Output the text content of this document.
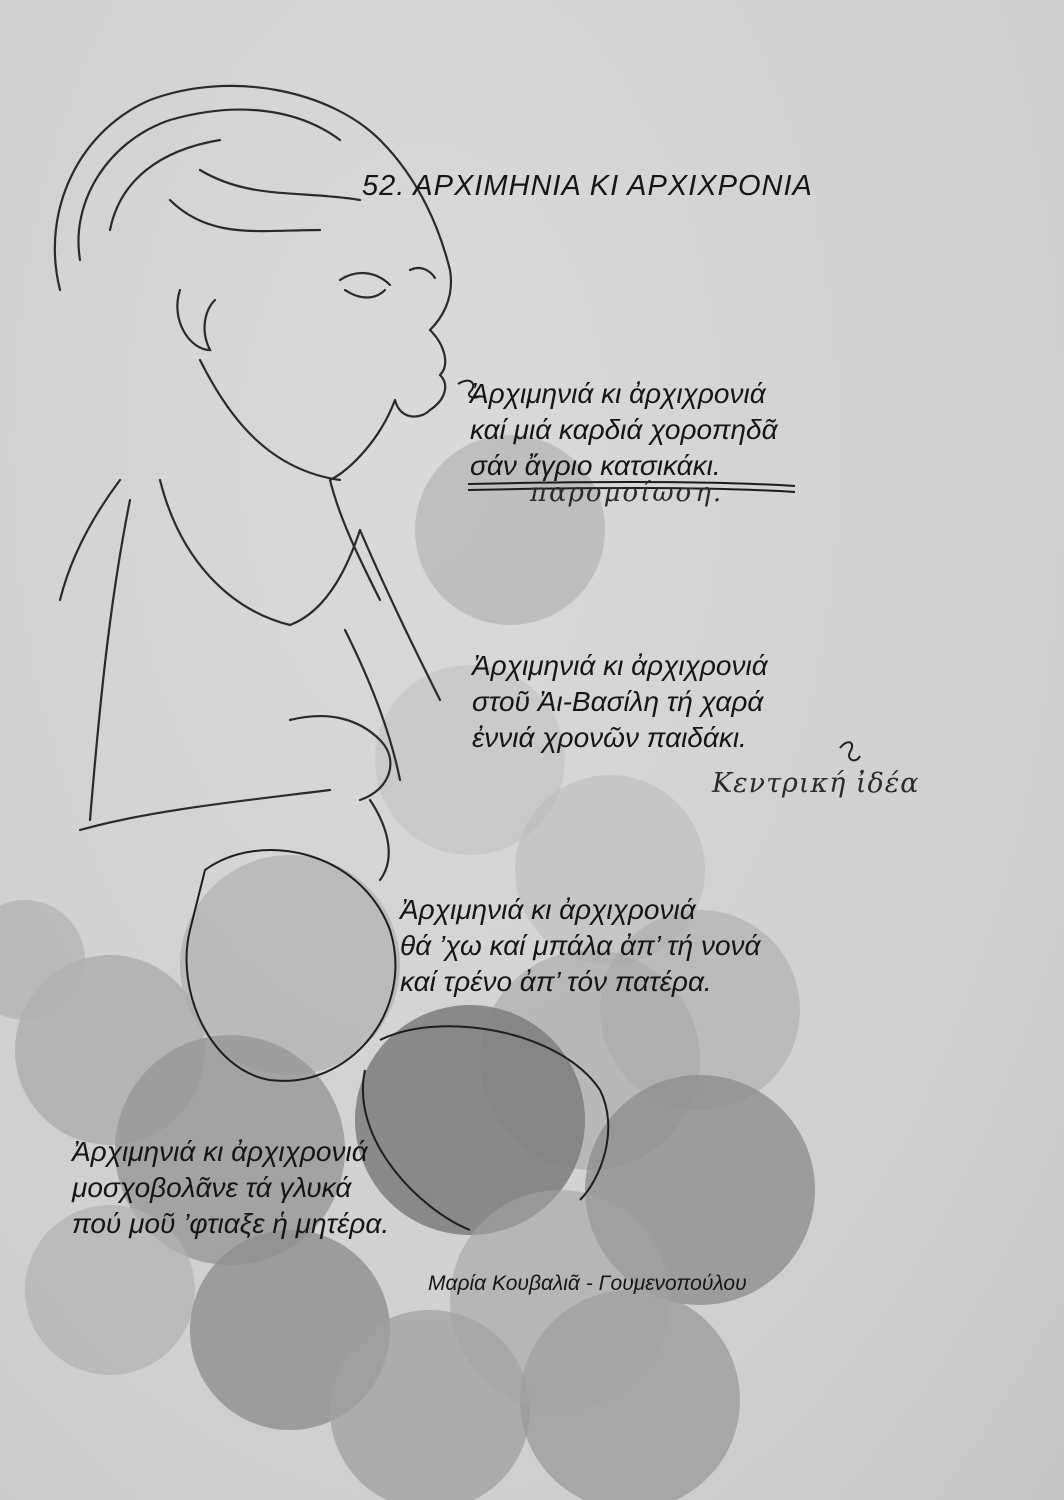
52. ΑΡΧΙΜΗΝΙΑ ΚΙ ΑΡΧΙΧΡΟΝΙΑ
Ἀρχιμηνιά κι ἀρχιχρονιά
καί μιά καρδιά χοροπηδᾶ
σάν ἄγριο κατσικάκι.
παρομοίωση.
Ἀρχιμηνιά κι ἀρχιχρονιά
στοῦ Ἀι-Βασίλη τή χαρά
ἐννιά χρονῶν παιδάκι.
Κεντρική ἰδέα
Ἀρχιμηνιά κι ἀρχιχρονιά
θά ’χω καί μπάλα ἀπ’ τή νονά
καί τρένο ἀπ’ τόν πατέρα.
Ἀρχιμηνιά κι ἀρχιχρονιά
μοσχοβολᾶνε τά γλυκά
πού μοῦ ’φτιαξε ἡ μητέρα.
Μαρία Κουβαλιᾶ - Γουμενοπούλου
